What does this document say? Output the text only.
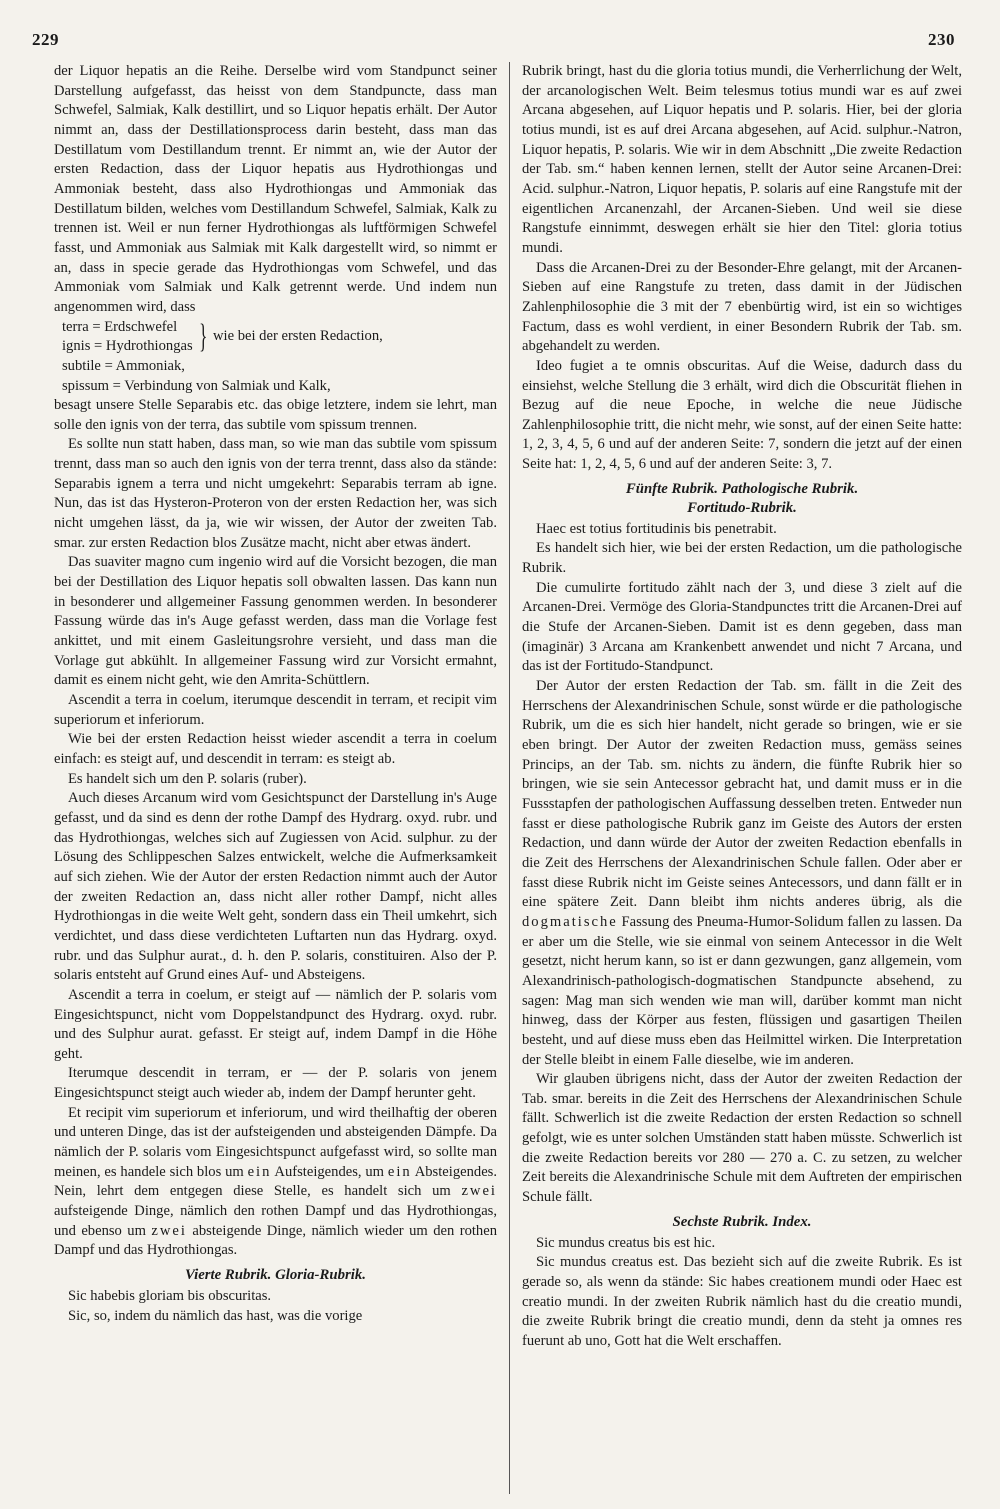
229	230

der Liquor hepatis an die Reihe. Derselbe wird vom Standpunct seiner Darstellung aufgefasst, das heisst von dem Standpuncte, dass man Schwefel, Salmiak, Kalk destillirt, und so Liquor hepatis erhält. Der Autor nimmt an, dass der Destillationsprocess darin besteht, dass man das Destillatum vom Destillandum trennt. Er nimmt an, wie der Autor der ersten Redaction, dass der Liquor hepatis aus Hydrothiongas und Ammoniak besteht, dass also Hydrothiongas und Ammoniak das Destillatum bilden, welches vom Destillandum Schwefel, Salmiak, Kalk zu trennen ist. Weil er nun ferner Hydrothiongas als luftförmigen Schwefel fasst, und Ammoniak aus Salmiak mit Kalk dargestellt wird, so nimmt er an, dass in specie gerade das Hydrothiongas vom Schwefel, und das Ammoniak vom Salmiak und Kalk getrennt werde. Und indem nun angenommen wird, dass

terra = Erdschwefel
ignis = Hydrothiongas } wie bei der ersten Redaction,
subtile = Ammoniak,
spissum = Verbindung von Salmiak und Kalk,

besagt unsere Stelle Separabis etc. das obige letztere, indem sie lehrt, man solle den ignis von der terra, das subtile vom spissum trennen.

Es sollte nun statt haben, dass man, so wie man das subtile vom spissum trennt, dass man so auch den ignis von der terra trennt, dass also da stände: Separabis ignem a terra und nicht umgekehrt: Separabis terram ab igne. Nun, das ist das Hysteron-Proteron von der ersten Redaction her, was sich nicht umgehen lässt, da ja, wie wir wissen, der Autor der zweiten Tab. smar. zur ersten Redaction blos Zusätze macht, nicht aber etwas ändert.

Das suaviter magno cum ingenio wird auf die Vorsicht bezogen, die man bei der Destillation des Liquor hepatis soll obwalten lassen. Das kann nun in besonderer und allgemeiner Fassung genommen werden. In besonderer Fassung würde das in's Auge gefasst werden, dass man die Vorlage fest ankittet, und mit einem Gasleitungsrohre versieht, und dass man die Vorlage gut abkühlt. In allgemeiner Fassung wird zur Vorsicht ermahnt, damit es einem nicht geht, wie den Amrita-Schüttlern.

Ascendit a terra in coelum, iterumque descendit in terram, et recipit vim superiorum et inferiorum.

Wie bei der ersten Redaction heisst wieder ascendit a terra in coelum einfach: es steigt auf, und descendit in terram: es steigt ab.

Es handelt sich um den P. solaris (ruber).

Auch dieses Arcanum wird vom Gesichtspunct der Darstellung in's Auge gefasst, und da sind es denn der rothe Dampf des Hydrarg. oxyd. rubr. und das Hydrothiongas, welches sich auf Zugiessen von Acid. sulphur. zu der Lösung des Schlippeschen Salzes entwickelt, welche die Aufmerksamkeit auf sich ziehen. Wie der Autor der ersten Redaction nimmt auch der Autor der zweiten Redaction an, dass nicht aller rother Dampf, nicht alles Hydrothiongas in die weite Welt geht, sondern dass ein Theil umkehrt, sich verdichtet, und dass diese verdichteten Luftarten nun das Hydrarg. oxyd. rubr. und das Sulphur aurat., d. h. den P. solaris, constituiren. Also der P. solaris entsteht auf Grund eines Auf- und Absteigens.

Ascendit a terra in coelum, er steigt auf — nämlich der P. solaris vom Eingesichtspunct, nicht vom Doppelstandpunct des Hydrarg. oxyd. rubr. und des Sulphur aurat. gefasst. Er steigt auf, indem Dampf in die Höhe geht.

Iterumque descendit in terram, er — der P. solaris von jenem Eingesichtspunct steigt auch wieder ab, indem der Dampf herunter geht.

Et recipit vim superiorum et inferiorum, und wird theilhaftig der oberen und unteren Dinge, das ist der aufsteigenden und absteigenden Dämpfe. Da nämlich der P. solaris vom Eingesichtspunct aufgefasst wird, so sollte man meinen, es handele sich blos um ein Aufsteigendes, um ein Absteigendes. Nein, lehrt dem entgegen diese Stelle, es handelt sich um zwei aufsteigende Dinge, nämlich den rothen Dampf und das Hydrothiongas, und ebenso um zwei absteigende Dinge, nämlich wieder um den rothen Dampf und das Hydrothiongas.

Vierte Rubrik. Gloria-Rubrik.

Sic habebis gloriam bis obscuritas.

Sic, so, indem du nämlich das hast, was die vorige

Rubrik bringt, hast du die gloria totius mundi, die Verherrlichung der Welt, der arcanologischen Welt. Beim telesmus totius mundi war es auf zwei Arcana abgesehen, auf Liquor hepatis und P. solaris. Hier, bei der gloria totius mundi, ist es auf drei Arcana abgesehen, auf Acid. sulphur.-Natron, Liquor hepatis, P. solaris. Wie wir in dem Abschnitt „Die zweite Redaction der Tab. sm.“ haben kennen lernen, stellt der Autor seine Arcanen-Drei: Acid. sulphur.-Natron, Liquor hepatis, P. solaris auf eine Rangstufe mit der eigentlichen Arcanenzahl, der Arcanen-Sieben. Und weil sie diese Rangstufe einnimmt, deswegen erhält sie hier den Titel: gloria totius mundi.

Dass die Arcanen-Drei zu der Besonder-Ehre gelangt, mit der Arcanen-Sieben auf eine Rangstufe zu treten, dass damit in der Jüdischen Zahlenphilosophie die 3 mit der 7 ebenbürtig wird, ist ein so wichtiges Factum, dass es wohl verdient, in einer Besondern Rubrik der Tab. sm. abgehandelt zu werden.

Ideo fugiet a te omnis obscuritas. Auf die Weise, dadurch dass du einsiehst, welche Stellung die 3 erhält, wird dich die Obscurität fliehen in Bezug auf die neue Epoche, in welche die neue Jüdische Zahlenphilosophie tritt, die nicht mehr, wie sonst, auf der einen Seite hatte: 1, 2, 3, 4, 5, 6 und auf der anderen Seite: 7, sondern die jetzt auf der einen Seite hat: 1, 2, 4, 5, 6 und auf der anderen Seite: 3, 7.

Fünfte Rubrik. Pathologische Rubrik.
Fortitudo-Rubrik.

Haec est totius fortitudinis bis penetrabit.

Es handelt sich hier, wie bei der ersten Redaction, um die pathologische Rubrik.

Die cumulirte fortitudo zählt nach der 3, und diese 3 zielt auf die Arcanen-Drei. Vermöge des Gloria-Standpunctes tritt die Arcanen-Drei auf die Stufe der Arcanen-Sieben. Damit ist es denn gegeben, dass man (imaginär) 3 Arcana am Krankenbett anwendet und nicht 7 Arcana, und das ist der Fortitudo-Standpunct.

Der Autor der ersten Redaction der Tab. sm. fällt in die Zeit des Herrschens der Alexandrinischen Schule, sonst würde er die pathologische Rubrik, um die es sich hier handelt, nicht gerade so bringen, wie er sie eben bringt. Der Autor der zweiten Redaction muss, gemäss seines Princips, an der Tab. sm. nichts zu ändern, die fünfte Rubrik hier so bringen, wie sie sein Antecessor gebracht hat, und damit muss er in die Fussstapfen der pathologischen Auffassung desselben treten. Entweder nun fasst er diese pathologische Rubrik ganz im Geiste des Autors der ersten Redaction, und dann würde der Autor der zweiten Redaction ebenfalls in die Zeit des Herrschens der Alexandrinischen Schule fallen. Oder aber er fasst diese Rubrik nicht im Geiste seines Antecessors, und dann fällt er in eine spätere Zeit. Dann bleibt ihm nichts anderes übrig, als die dogmatische Fassung des Pneuma-Humor-Solidum fallen zu lassen. Da er aber um die Stelle, wie sie einmal von seinem Antecessor in die Welt gesetzt, nicht herum kann, so ist er dann gezwungen, ganz allgemein, vom Alexandrinisch-pathologisch-dogmatischen Standpuncte absehend, zu sagen: Mag man sich wenden wie man will, darüber kommt man nicht hinweg, dass der Körper aus festen, flüssigen und gasartigen Theilen besteht, und auf diese muss eben das Heilmittel wirken. Die Interpretation der Stelle bleibt in einem Falle dieselbe, wie im anderen.

Wir glauben übrigens nicht, dass der Autor der zweiten Redaction der Tab. smar. bereits in die Zeit des Herrschens der Alexandrinischen Schule fällt. Schwerlich ist die zweite Redaction der ersten Redaction so schnell gefolgt, wie es unter solchen Umständen statt haben müsste. Schwerlich ist die zweite Redaction bereits vor 280 — 270 a. C. zu setzen, zu welcher Zeit bereits die Alexandrinische Schule mit dem Auftreten der empirischen Schule fällt.

Sechste Rubrik. Index.

Sic mundus creatus bis est hic.

Sic mundus creatus est. Das bezieht sich auf die zweite Rubrik. Es ist gerade so, als wenn da stände: Sic habes creationem mundi oder Haec est creatio mundi. In der zweiten Rubrik nämlich hast du die creatio mundi, die zweite Rubrik bringt die creatio mundi, denn da steht ja omnes res fuerunt ab uno, Gott hat die Welt erschaffen.
